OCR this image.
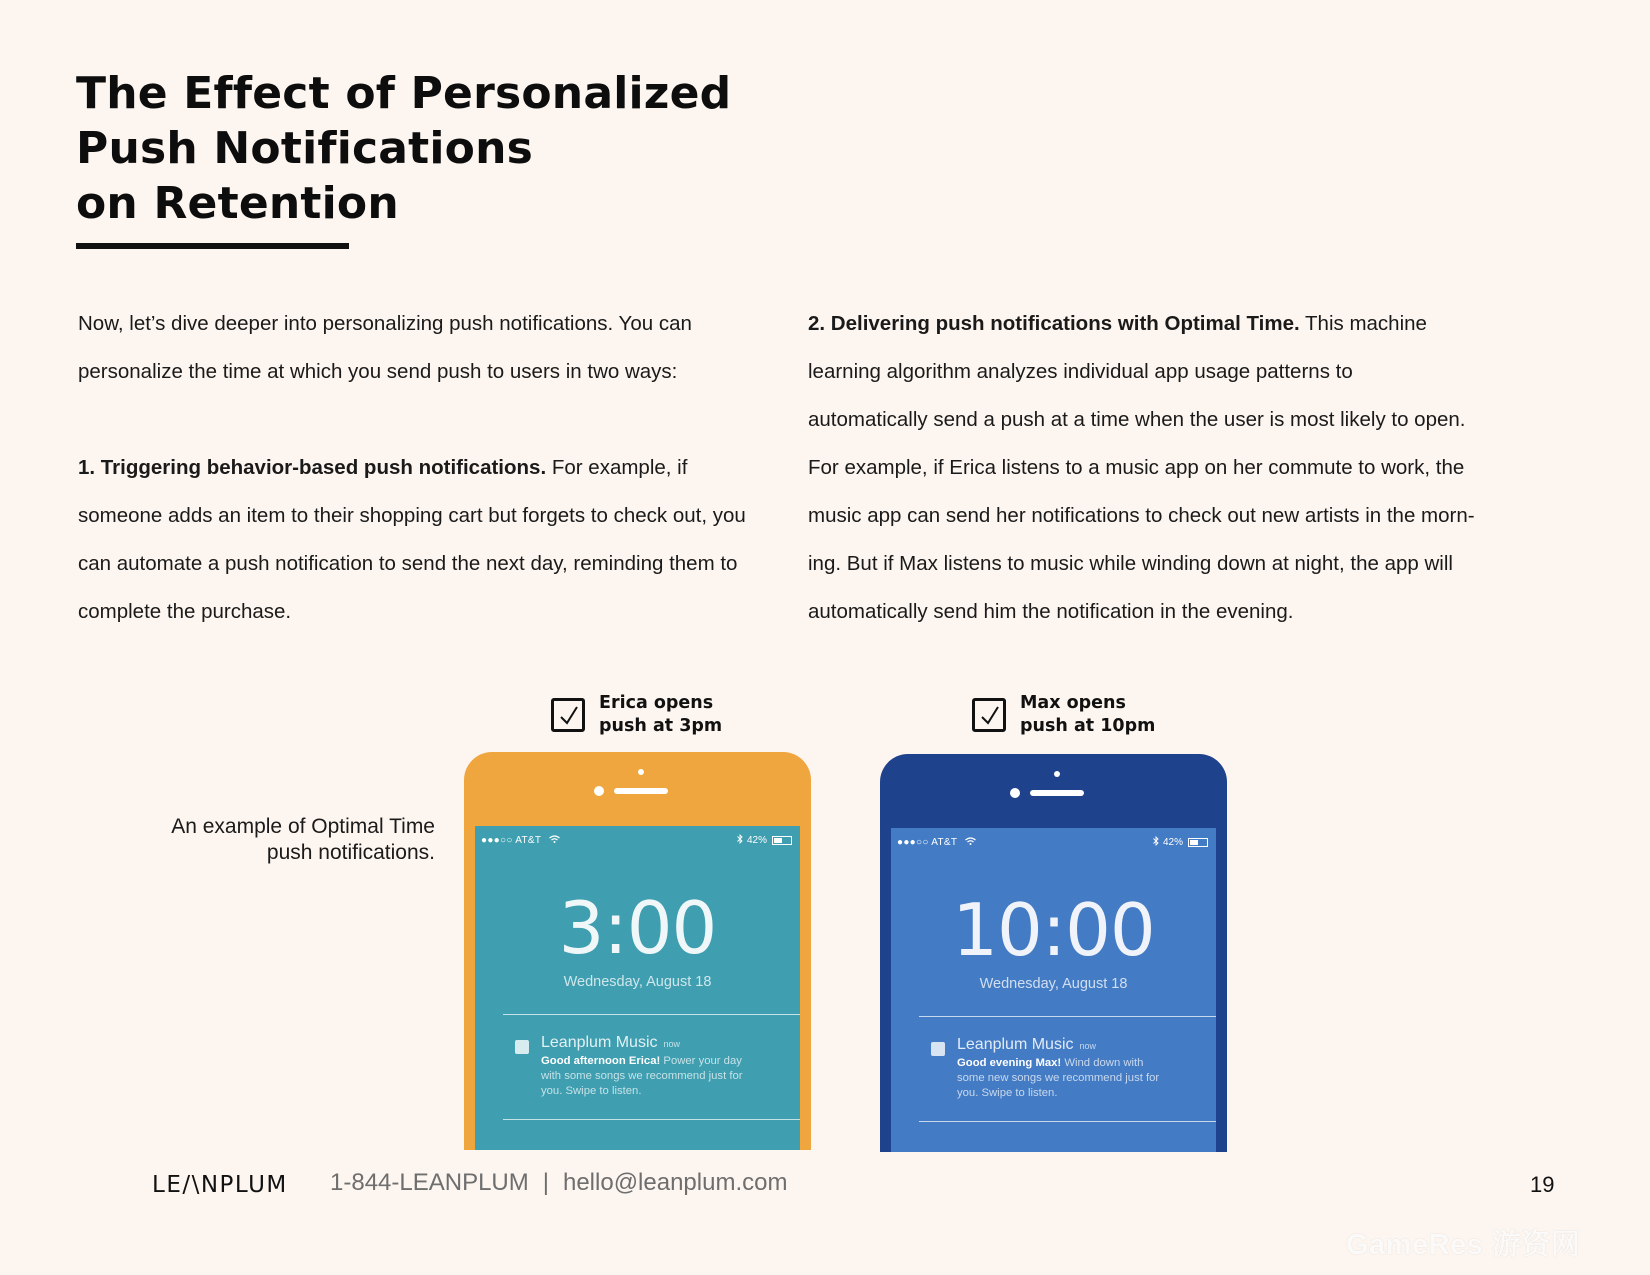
The Effect of Personalized
Push Notifications
on Retention

Now, let’s dive deeper into personalizing push notifications. You can

personalize the time at which you send push to users in two ways:

1. Triggering behavior-based push notifications. For example, if

someone adds an item to their shopping cart but forgets to check out, you

can automate a push notification to send the next day, reminding them to

complete the purchase.

2. Delivering push notifications with Optimal Time. This machine

learning algorithm analyzes individual app usage patterns to

automatically send a push at a time when the user is most likely to open.

For example, if Erica listens to a music app on her commute to work, the

music app can send her notifications to check out new artists in the morn-

ing. But if Max listens to music while winding down at night, the app will

automatically send him the notification in the evening.

An example of Optimal Time
push notifications.
Erica opens
push at 3pm
Max opens
push at 10pm
●●●○○ AT&T	42%
3:00
Wednesday, August 18
Leanplum Music now
Good afternoon Erica! Power your day with some songs we recommend just for you. Swipe to listen.
●●●○○ AT&T	42%
10:00
Wednesday, August 18
Leanplum Music now
Good evening Max! Wind down with some new songs we recommend just for you. Swipe to listen.
LE/\NPLUM 1-844-LEANPLUM | hello@leanplum.com	19
GameRes 游资网
